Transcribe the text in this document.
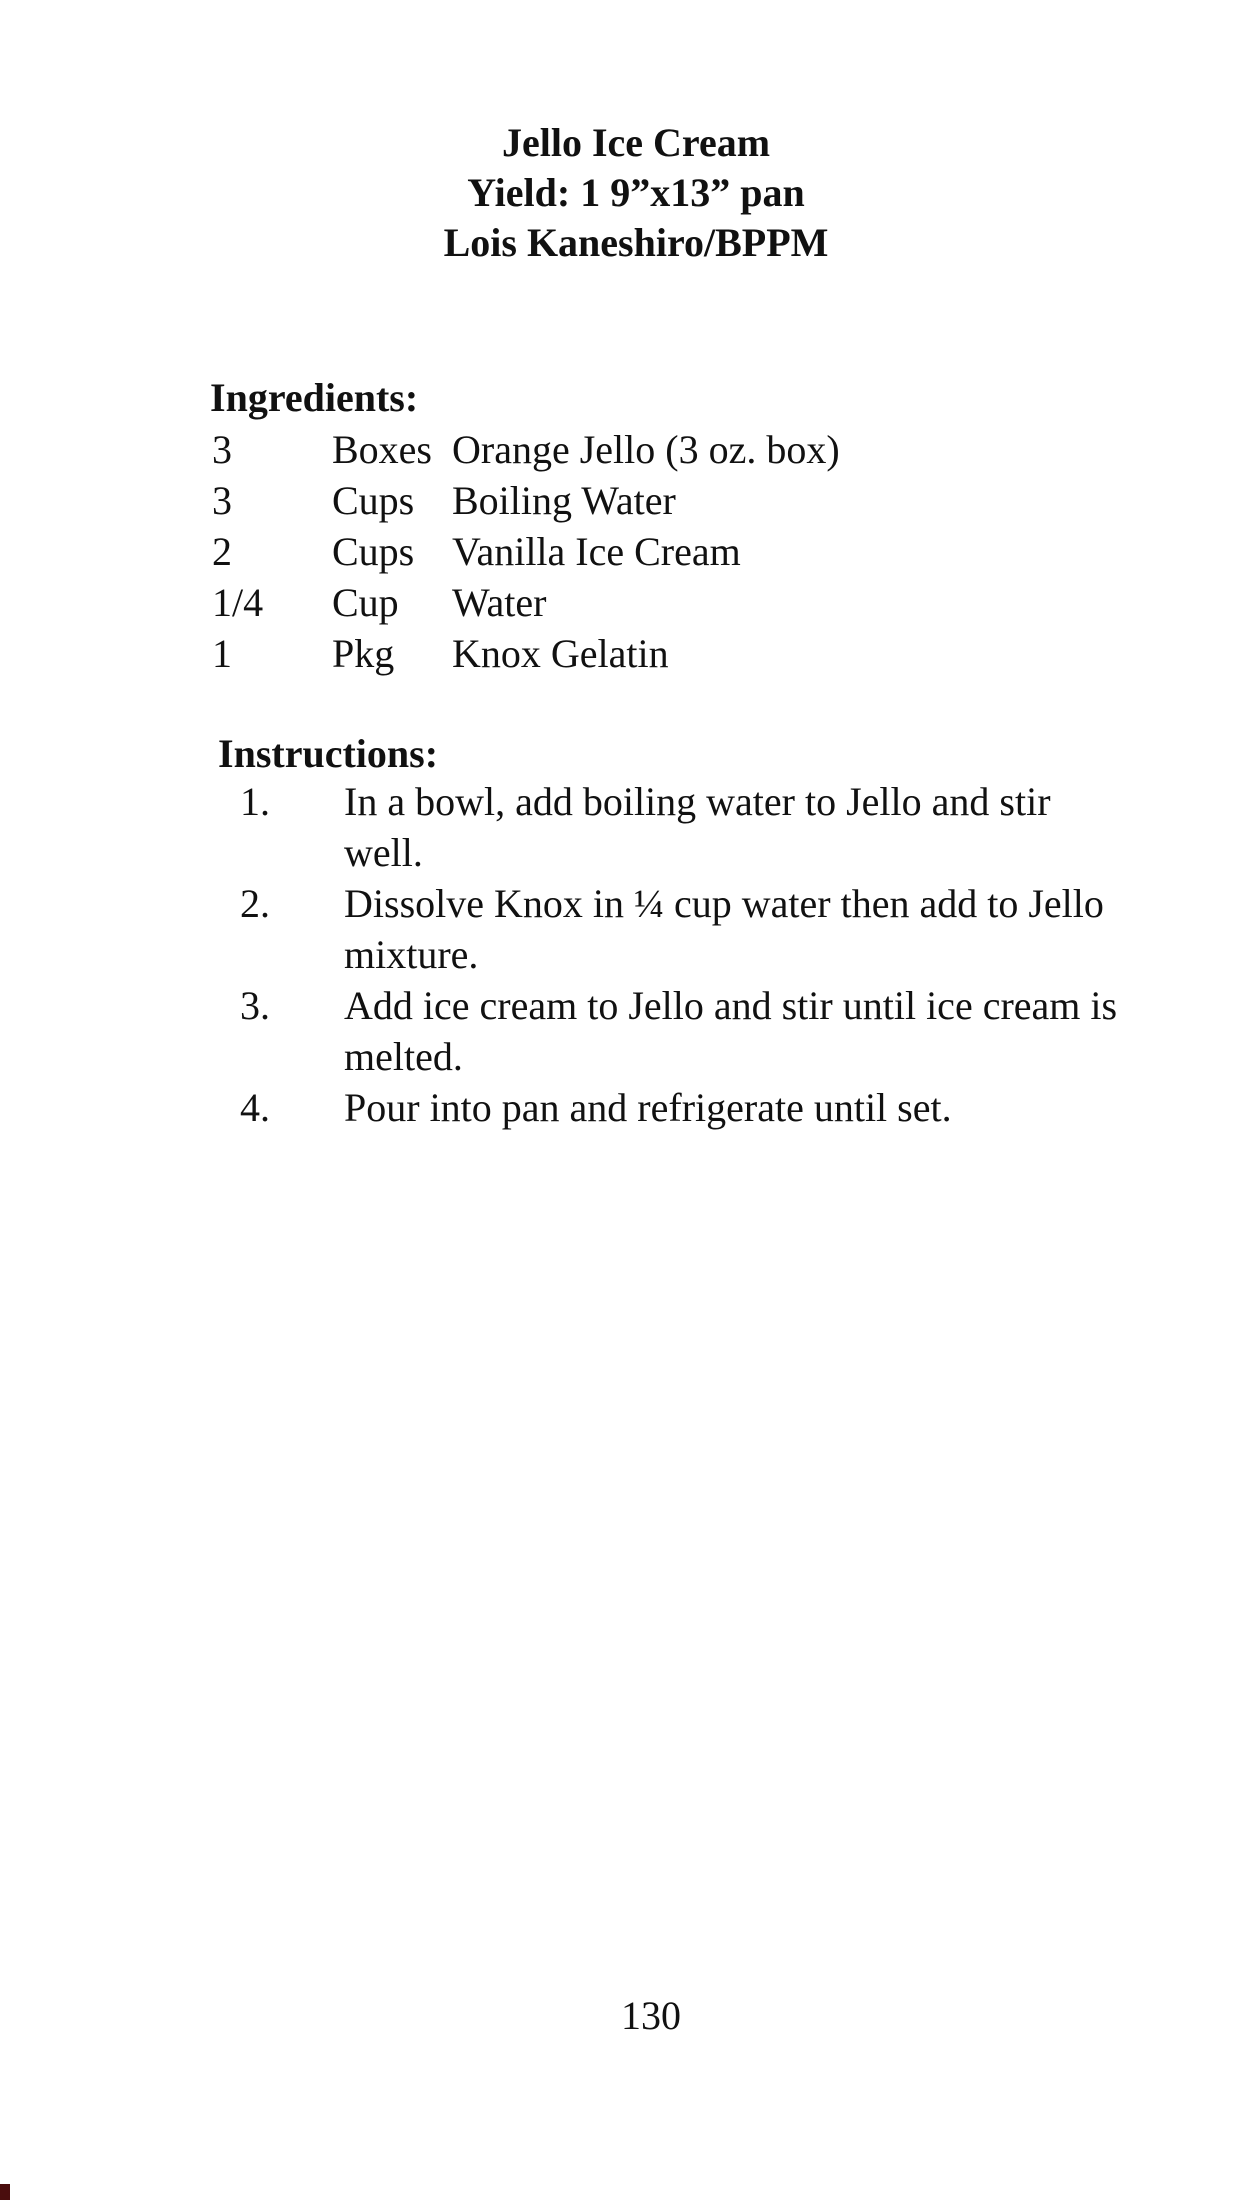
Jello Ice Cream
Yield: 1 9”x13” pan
Lois Kaneshiro/BPPM
Ingredients:
3	Boxes Orange Jello (3 oz. box)
3	Cups Boiling Water
2	Cups Vanilla Ice Cream
1/4 Cup Water
1	Pkg Knox Gelatin
Instructions:
1. In a bowl, add boiling water to Jello and stir well.
2. Dissolve Knox in ¼ cup water then add to Jello mixture.
3. Add ice cream to Jello and stir until ice cream is melted.
4. Pour into pan and refrigerate until set.
130
